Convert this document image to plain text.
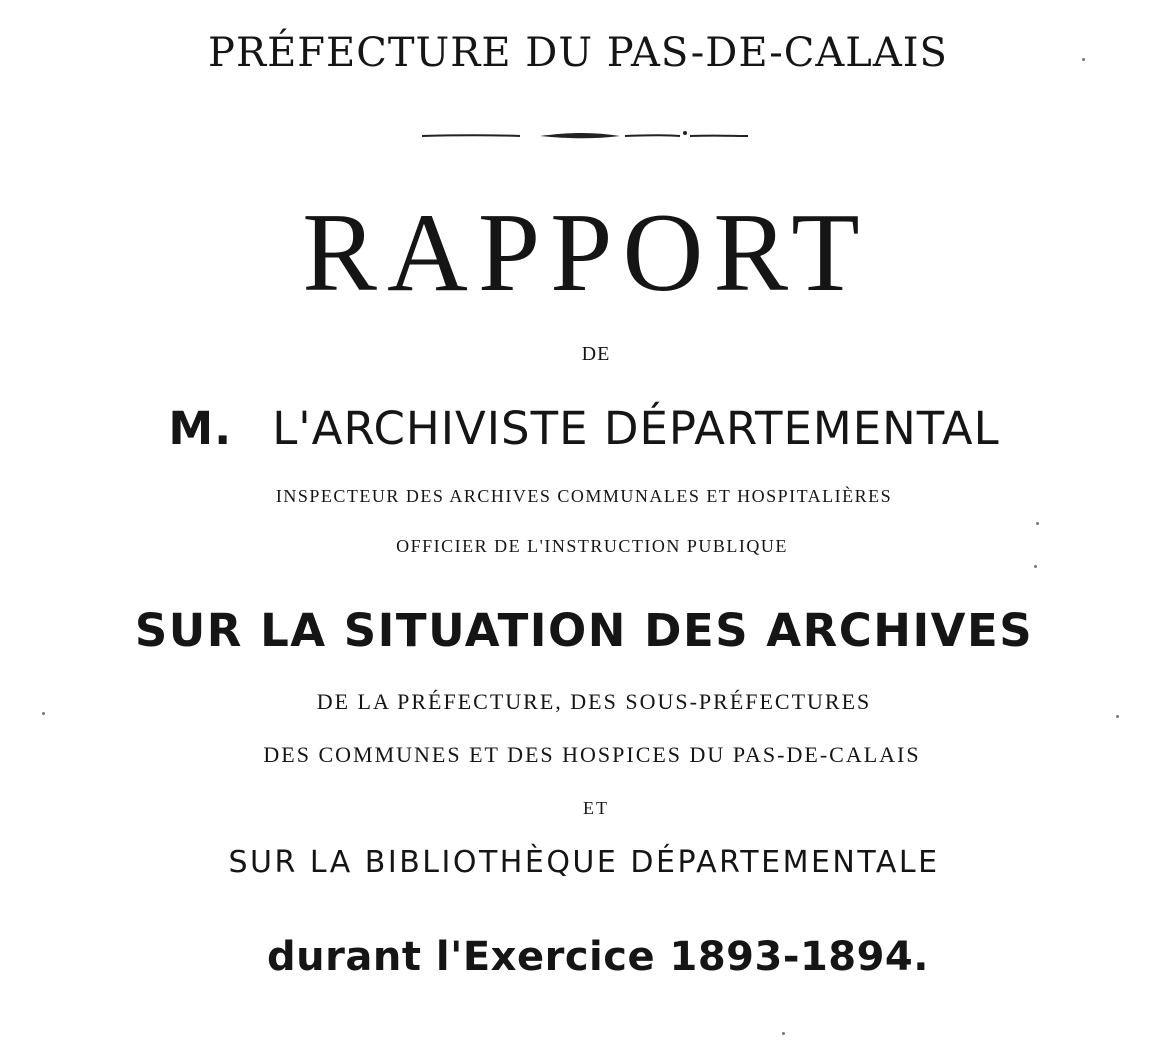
PRÉFECTURE DU PAS-DE-CALAIS
RAPPORT
DE
M. L'ARCHIVISTE DÉPARTEMENTAL
INSPECTEUR DES ARCHIVES COMMUNALES ET HOSPITALIÈRES
OFFICIER DE L'INSTRUCTION PUBLIQUE
SUR LA SITUATION DES ARCHIVES
DE LA PRÉFECTURE, DES SOUS-PRÉFECTURES
DES COMMUNES ET DES HOSPICES DU PAS-DE-CALAIS
ET
SUR LA BIBLIOTHÈQUE DÉPARTEMENTALE
durant l'Exercice 1893-1894.
